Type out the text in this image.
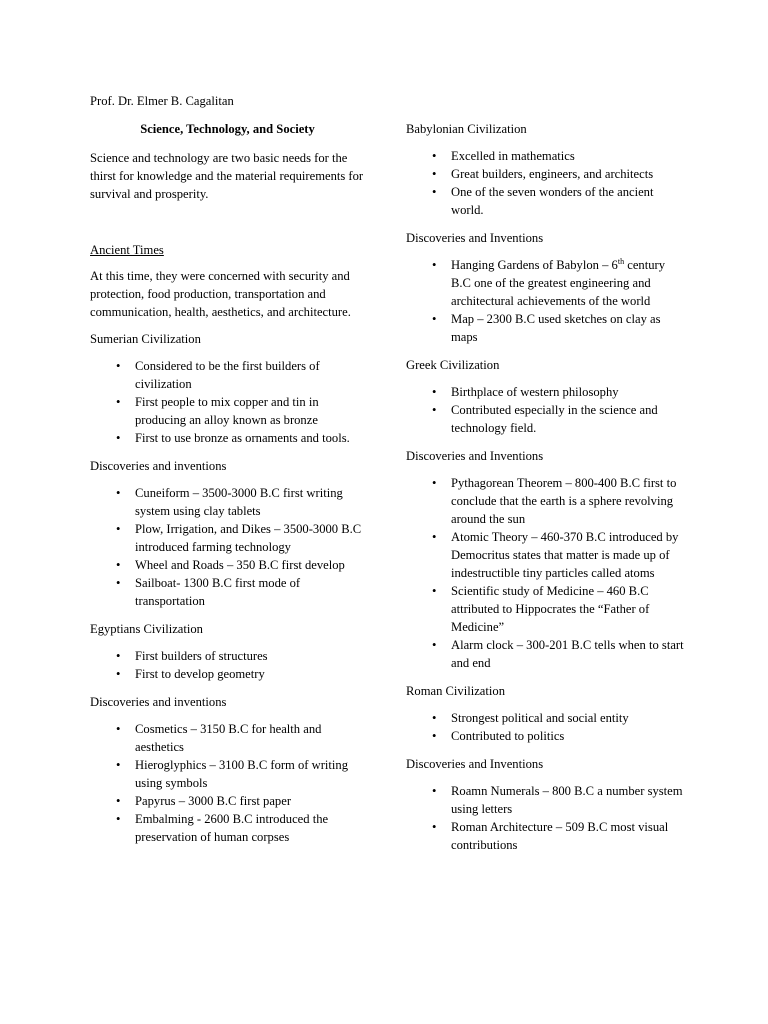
Prof. Dr. Elmer B. Cagalitan

Science, Technology, and Society

Science and technology are two basic needs for the thirst for knowledge and the material requirements for survival and prosperity.

Ancient Times

At this time, they were concerned with security and protection, food production, transportation and communication, health, aesthetics, and architecture.

Sumerian Civilization

• Considered to be the first builders of civilization
• First people to mix copper and tin in producing an alloy known as bronze
• First to use bronze as ornaments and tools.

Discoveries and inventions

• Cuneiform – 3500-3000 B.C first writing system using clay tablets
• Plow, Irrigation, and Dikes – 3500-3000 B.C introduced farming technology
• Wheel and Roads – 350 B.C first develop
• Sailboat- 1300 B.C first mode of transportation

Egyptians Civilization

• First builders of structures
• First to develop geometry

Discoveries and inventions

• Cosmetics – 3150 B.C for health and aesthetics
• Hieroglyphics – 3100 B.C form of writing using symbols
• Papyrus – 3000 B.C first paper
• Embalming - 2600 B.C introduced the preservation of human corpses

Babylonian Civilization

• Excelled in mathematics
• Great builders, engineers, and architects
• One of the seven wonders of the ancient world.

Discoveries and Inventions

• Hanging Gardens of Babylon – 6th century B.C one of the greatest engineering and architectural achievements of the world
• Map – 2300 B.C used sketches on clay as maps

Greek Civilization

• Birthplace of western philosophy
• Contributed especially in the science and technology field.

Discoveries and Inventions

• Pythagorean Theorem – 800-400 B.C first to conclude that the earth is a sphere revolving around the sun
• Atomic Theory – 460-370 B.C introduced by Democritus states that matter is made up of indestructible tiny particles called atoms
• Scientific study of Medicine – 460 B.C attributed to Hippocrates the “Father of Medicine”
• Alarm clock – 300-201 B.C tells when to start and end

Roman Civilization

• Strongest political and social entity
• Contributed to politics

Discoveries and Inventions

• Roamn Numerals – 800 B.C a number system using letters
• Roman Architecture – 509 B.C most visual contributions
